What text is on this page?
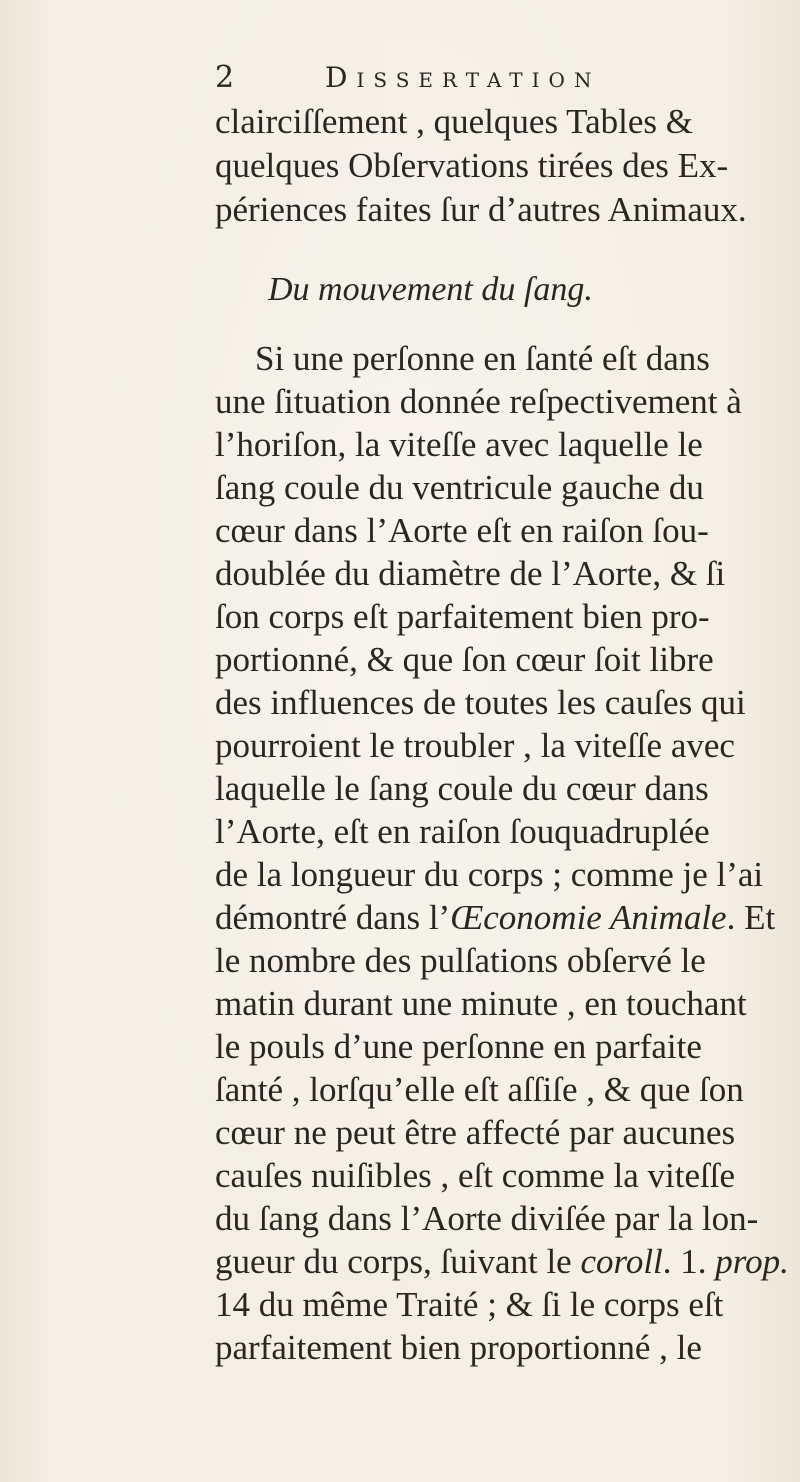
2	Dissertation
clairciſſement , quelques Tables &
quelques Obſervations tirées des Ex-
périences faites ſur d’autres Animaux.
Du mouvement du ſang.
Si une perſonne en ſanté eſt dans
une ſituation donnée reſpectivement à
l’horiſon, la viteſſe avec laquelle le
ſang coule du ventricule gauche du
cœur dans l’Aorte eſt en raiſon ſou-
doublée du diamètre de l’Aorte, & ſi
ſon corps eſt parfaitement bien pro-
portionné, & que ſon cœur ſoit libre
des influences de toutes les cauſes qui
pourroient le troubler , la viteſſe avec
laquelle le ſang coule du cœur dans
l’Aorte, eſt en raiſon ſouquadruplée
de la longueur du corps ; comme je l’ai
démontré dans l’Œconomie Animale. Et
le nombre des pulſations obſervé le
matin durant une minute , en touchant
le pouls d’une perſonne en parfaite
ſanté , lorſqu’elle eſt aſſiſe , & que ſon
cœur ne peut être affecté par aucunes
cauſes nuiſibles , eſt comme la viteſſe
du ſang dans l’Aorte diviſée par la lon-
gueur du corps, ſuivant le coroll. 1. prop.
14 du même Traité ; & ſi le corps eſt
parfaitement bien proportionné , le
